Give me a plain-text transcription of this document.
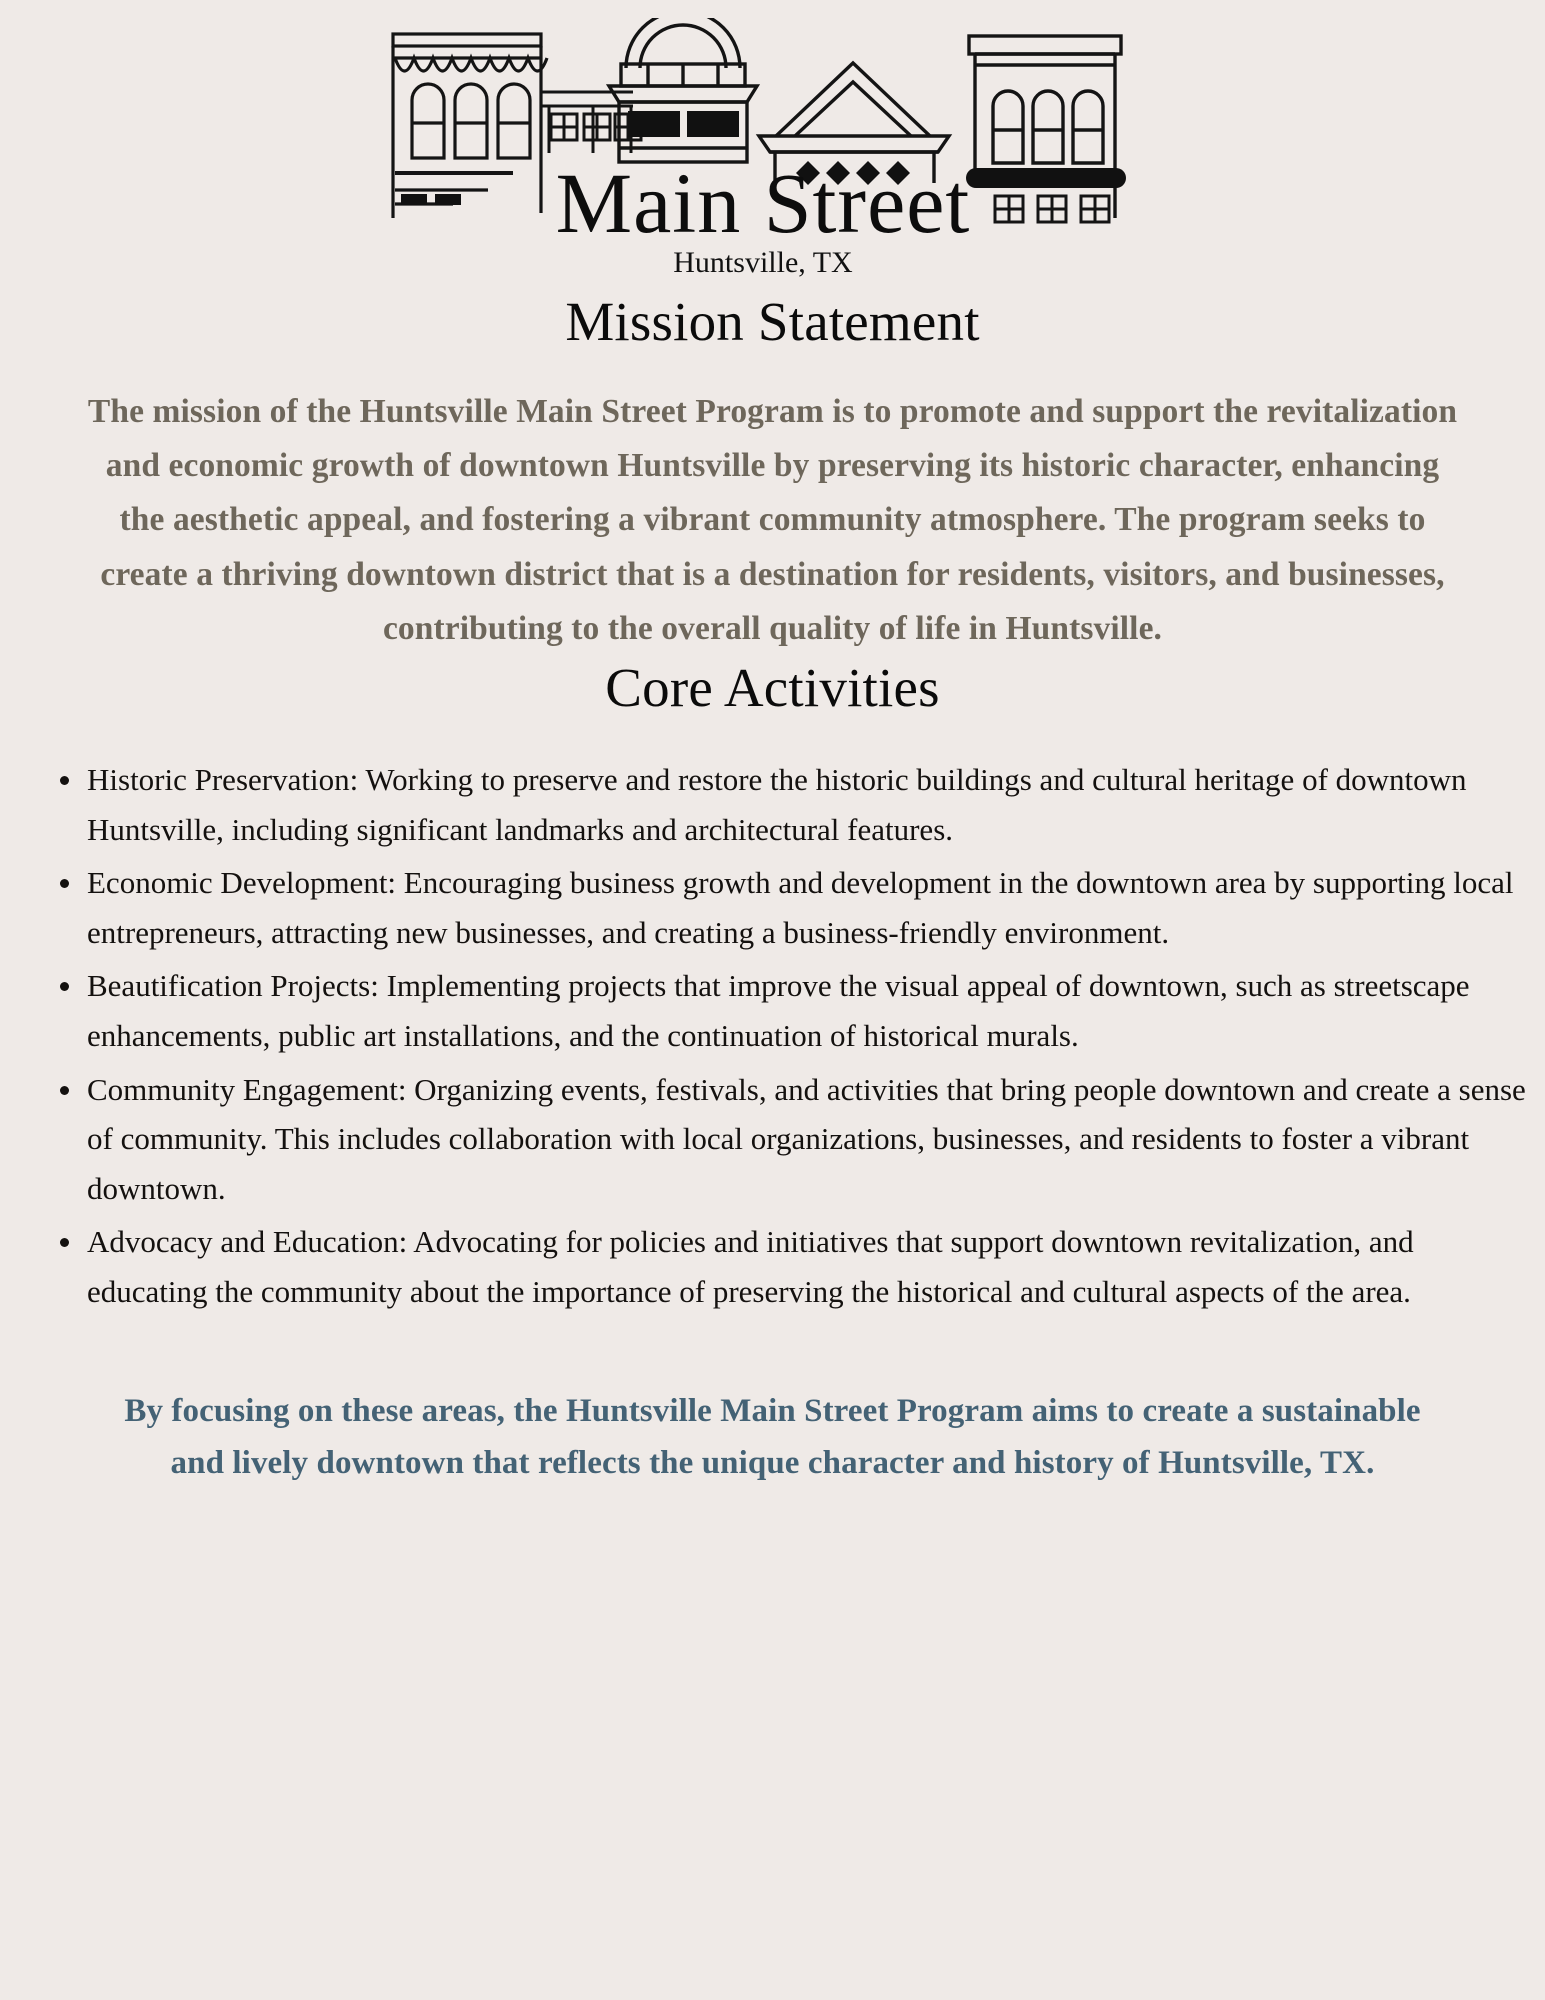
Main Street
Huntsville, TX
Mission Statement

The mission of the Huntsville Main Street Program is to promote and support the revitalization and economic growth of downtown Huntsville by preserving its historic character, enhancing the aesthetic appeal, and fostering a vibrant community atmosphere. The program seeks to create a thriving downtown district that is a destination for residents, visitors, and businesses, contributing to the overall quality of life in Huntsville.

Core Activities
Historic Preservation: Working to preserve and restore the historic buildings and cultural heritage of downtown Huntsville, including significant landmarks and architectural features.
Economic Development: Encouraging business growth and development in the downtown area by supporting local entrepreneurs, attracting new businesses, and creating a business-friendly environment.
Beautification Projects: Implementing projects that improve the visual appeal of downtown, such as streetscape enhancements, public art installations, and the continuation of historical murals.
Community Engagement: Organizing events, festivals, and activities that bring people downtown and create a sense of community. This includes collaboration with local organizations, businesses, and residents to foster a vibrant downtown.
Advocacy and Education: Advocating for policies and initiatives that support downtown revitalization, and educating the community about the importance of preserving the historical and cultural aspects of the area.

By focusing on these areas, the Huntsville Main Street Program aims to create a sustainable and lively downtown that reflects the unique character and history of Huntsville, TX.
